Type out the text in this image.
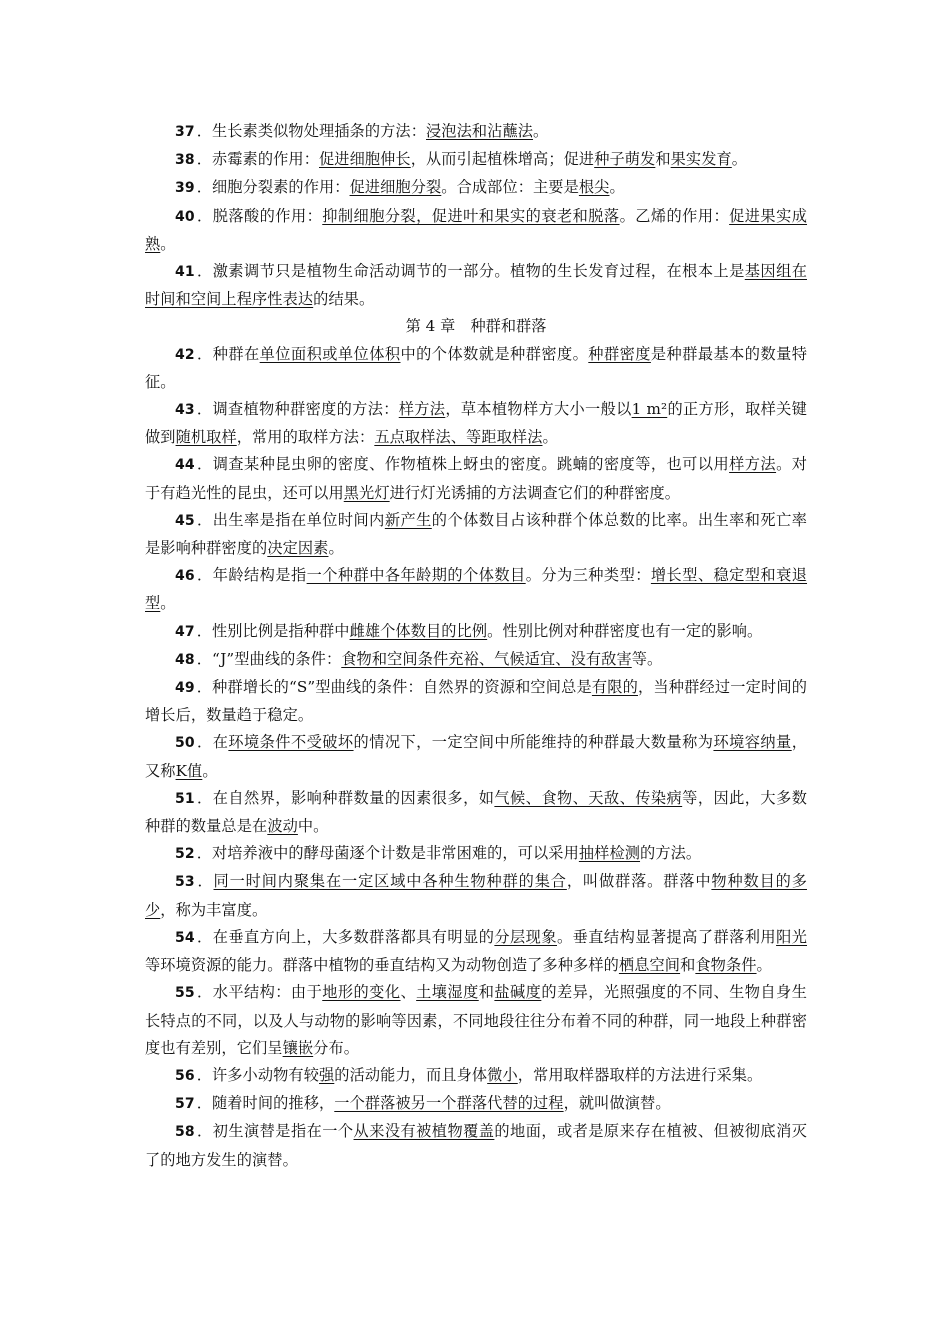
37 ．生长素类似物处理插条的方法：浸泡法和沾蘸法。

38 ．赤霉素的作用：促进细胞伸长，从而引起植株增高；促进种子萌发和果实发育。

39 ．细胞分裂素的作用：促进细胞分裂。合成部位：主要是根尖。

40 ．脱落酸的作用：抑制细胞分裂，促进叶和果实的衰老和脱落。乙烯的作用：促进果实成熟。

41 ．激素调节只是植物生命活动调节的一部分。植物的生长发育过程，在根本上是基因组在时间和空间上程序性表达的结果。

第 4 章　种群和群落

42 ．种群在单位面积或单位体积中的个体数就是种群密度。种群密度是种群最基本的数量特征。

43 ．调查植物种群密度的方法：样方法，草本植物样方大小一般以1 m²的正方形，取样关键做到随机取样，常用的取样方法：五点取样法、等距取样法。

44 ．调查某种昆虫卵的密度、作物植株上蚜虫的密度。跳蝻的密度等，也可以用样方法。对于有趋光性的昆虫，还可以用黑光灯进行灯光诱捕的方法调查它们的种群密度。

45 ．出生率是指在单位时间内新产生的个体数目占该种群个体总数的比率。出生率和死亡率是影响种群密度的决定因素。

46 ．年龄结构是指一个种群中各年龄期的个体数目。分为三种类型：增长型、稳定型和衰退型。

47 ．性别比例是指种群中雌雄个体数目的比例。性别比例对种群密度也有一定的影响。

48 ．“J”型曲线的条件：食物和空间条件充裕、气候适宜、没有敌害等。

49 ．种群增长的“S”型曲线的条件：自然界的资源和空间总是有限的，当种群经过一定时间的增长后，数量趋于稳定。

50 ．在环境条件不受破坏的情况下，一定空间中所能维持的种群最大数量称为环境容纳量，又称K值。

51 ．在自然界，影响种群数量的因素很多，如气候、食物、天敌、传染病等，因此，大多数种群的数量总是在波动中。

52 ．对培养液中的酵母菌逐个计数是非常困难的，可以采用抽样检测的方法。

53 ．同一时间内聚集在一定区域中各种生物种群的集合，叫做群落。群落中物种数目的多少，称为丰富度。

54 ．在垂直方向上，大多数群落都具有明显的分层现象。垂直结构显著提高了群落利用阳光等环境资源的能力。群落中植物的垂直结构又为动物创造了多种多样的栖息空间和食物条件。

55 ．水平结构：由于地形的变化、土壤湿度和盐碱度的差异，光照强度的不同、生物自身生长特点的不同，以及人与动物的影响等因素，不同地段往往分布着不同的种群，同一地段上种群密度也有差别，它们呈镶嵌分布。

56 ．许多小动物有较强的活动能力，而且身体微小，常用取样器取样的方法进行采集。

57 ．随着时间的推移，一个群落被另一个群落代替的过程，就叫做演替。

58 ．初生演替是指在一个从来没有被植物覆盖的地面，或者是原来存在植被、但被彻底消灭了的地方发生的演替。
